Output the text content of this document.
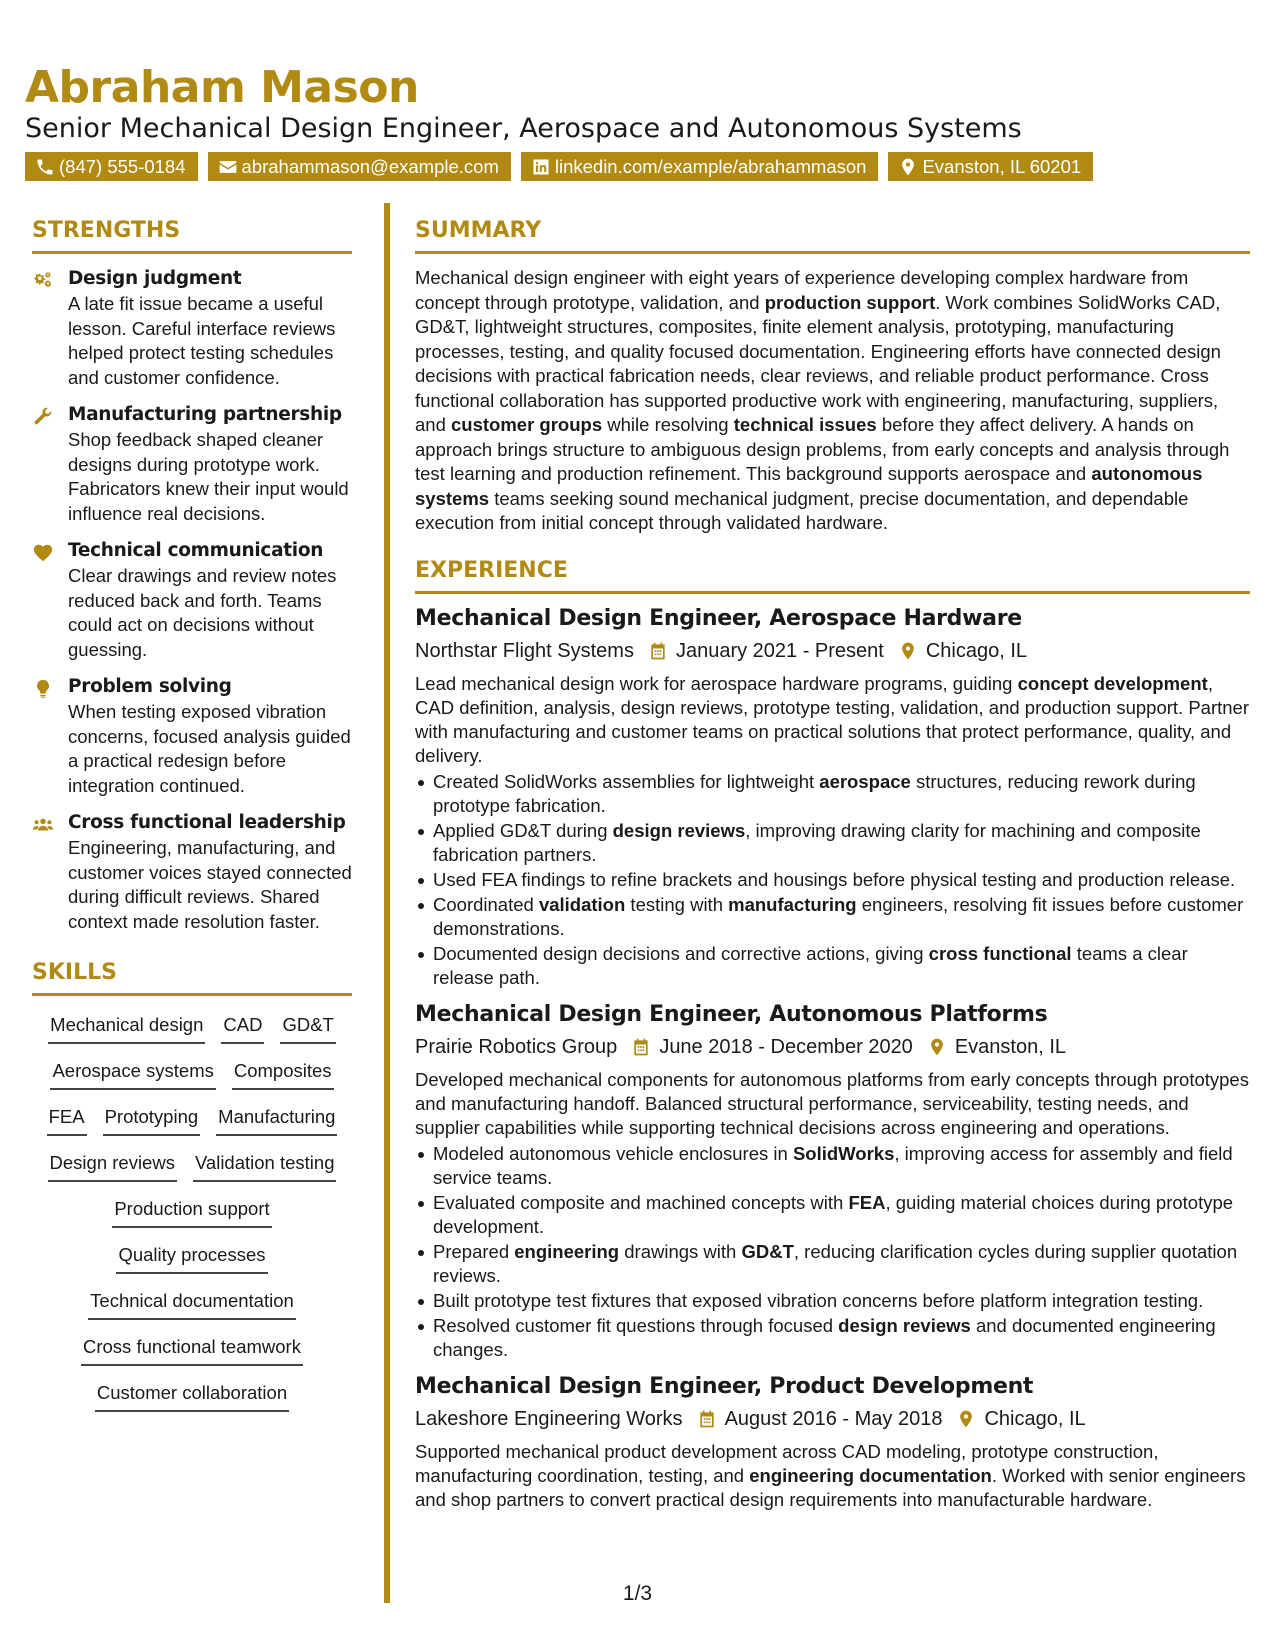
Abraham Mason
Senior Mechanical Design Engineer, Aerospace and Autonomous Systems
(847) 555-0184	abrahammason@example.com	linkedin.com/example/abrahammason	Evanston, IL 60201
STRENGTHS
Design judgment

A late fit issue became a useful lesson. Careful interface reviews helped protect testing schedules and customer confidence.

Manufacturing partnership

Shop feedback shaped cleaner designs during prototype work. Fabricators knew their input would influence real decisions.

Technical communication

Clear drawings and review notes reduced back and forth. Teams could act on decisions without guessing.

Problem solving

When testing exposed vibration concerns, focused analysis guided a practical redesign before integration continued.

Cross functional leadership

Engineering, manufacturing, and customer voices stayed connected during difficult reviews. Shared context made resolution faster.

SKILLS
Mechanical design CAD GD&T
Aerospace systems Composites
FEA Prototyping Manufacturing
Design reviews Validation testing
Production support
Quality processes
Technical documentation
Cross functional teamwork
Customer collaboration
SUMMARY

Mechanical design engineer with eight years of experience developing complex hardware from concept through prototype, validation, and production support. Work combines SolidWorks CAD, GD&T, lightweight structures, composites, finite element analysis, prototyping, manufacturing processes, testing, and quality focused documentation. Engineering efforts have connected design decisions with practical fabrication needs, clear reviews, and reliable product performance. Cross functional collaboration has supported productive work with engineering, manufacturing, suppliers, and customer groups while resolving technical issues before they affect delivery. A hands on approach brings structure to ambiguous design problems, from early concepts and analysis through test learning and production refinement. This background supports aerospace and autonomous systems teams seeking sound mechanical judgment, precise documentation, and dependable execution from initial concept through validated hardware.

EXPERIENCE
Mechanical Design Engineer, Aerospace Hardware
Northstar Flight Systems January 2021 - Present Chicago, IL

Lead mechanical design work for aerospace hardware programs, guiding concept development, CAD definition, analysis, design reviews, prototype testing, validation, and production support. Partner with manufacturing and customer teams on practical solutions that protect performance, quality, and delivery.

Created SolidWorks assemblies for lightweight aerospace structures, reducing rework during prototype fabrication.
Applied GD&T during design reviews, improving drawing clarity for machining and composite fabrication partners.
Used FEA findings to refine brackets and housings before physical testing and production release.
Coordinated validation testing with manufacturing engineers, resolving fit issues before customer demonstrations.
Documented design decisions and corrective actions, giving cross functional teams a clear release path.
Mechanical Design Engineer, Autonomous Platforms
Prairie Robotics Group June 2018 - December 2020 Evanston, IL

Developed mechanical components for autonomous platforms from early concepts through prototypes and manufacturing handoff. Balanced structural performance, serviceability, testing needs, and supplier capabilities while supporting technical decisions across engineering and operations.

Modeled autonomous vehicle enclosures in SolidWorks, improving access for assembly and field service teams.
Evaluated composite and machined concepts with FEA, guiding material choices during prototype development.
Prepared engineering drawings with GD&T, reducing clarification cycles during supplier quotation reviews.
Built prototype test fixtures that exposed vibration concerns before platform integration testing.
Resolved customer fit questions through focused design reviews and documented engineering changes.
Mechanical Design Engineer, Product Development
Lakeshore Engineering Works August 2016 - May 2018 Chicago, IL

Supported mechanical product development across CAD modeling, prototype construction, manufacturing coordination, testing, and engineering documentation. Worked with senior engineers and shop partners to convert practical design requirements into manufacturable hardware.

1/3
